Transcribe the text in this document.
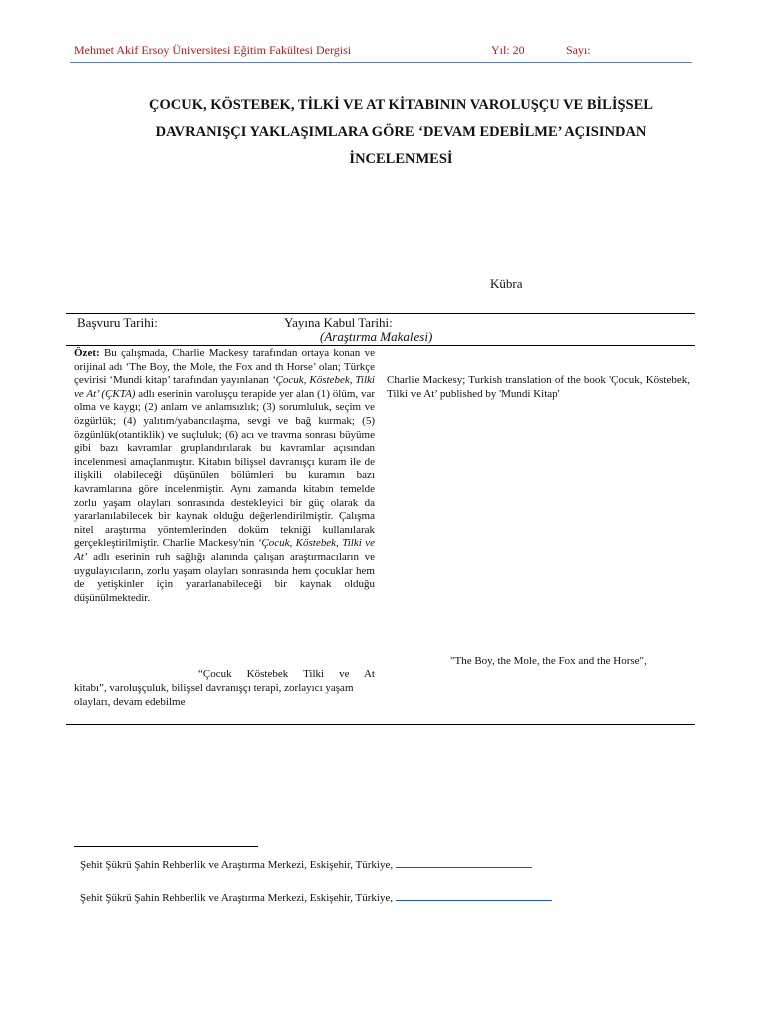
Mehmet Akif Ersoy Üniversitesi Eğitim Fakültesi Dergisi	Yıl: 20	Sayı:
ÇOCUK, KÖSTEBEK, TİLKİ VE AT KİTABININ VAROLUŞÇU VE BİLİŞSEL
DAVRANIŞÇI YAKLAŞIMLARA GÖRE ‘DEVAM EDEBİLME’ AÇISINDAN
İNCELENMESİ
Kübra
Başvuru Tarihi:	Yayına Kabul Tarihi:
(Araştırma Makalesi)

Özet: Bu çalışmada, Charlie Mackesy tarafından ortaya konan ve orijinal adı ‘The Boy, the Mole, the Fox and th Horse’ olan; Türkçe çevirisi ‘Mundi kitap’ tarafından yayınlanan ‘Çocuk, Köstebek, Tilki ve At’ (ÇKTA) adlı eserinin varoluşçu terapide yer alan (1) ölüm, var olma ve kaygı; (2) anlam ve anlamsızlık; (3) sorumluluk, seçim ve özgürlük; (4) yalıtım/yabancılaşma, sevgi ve bağ kurmak; (5) özgünlük(otantiklik) ve suçluluk; (6) acı ve travma sonrası büyüme gibi bazı kavramlar gruplandırılarak bu kavramlar açısından incelenmesi amaçlanmıştır. Kitabın bilişsel davranışçı kuram ile de ilişkili olabileceği düşünülen bölümleri bu kuramın bazı kavramlarına göre incelenmiştir. Aynı zamanda kitabın temelde zorlu yaşam olayları sonrasında destekleyici bir güç olarak da yararlanılabilecek bir kaynak olduğu değerlendirilmiştir. Çalışma nitel araştırma yöntemlerinden doküm tekniği kullanılarak gerçekleştirilmiştir. Charlie Mackesy'nin ‘Çocuk, Köstebek, Tilki ve At’ adlı eserinin ruh sağlığı alanında çalışan araştırmacıların ve uygulayıcıların, zorlu yaşam olayları sonrasında hem çocuklar hem de yetişkinler için yararlanabileceği bir kaynak olduğu düşünülmektedir.

“Çocuk Köstebek Tilki ve At
kitabı”, varoluşçuluk, bilişsel davranışçı terapi, zorlayıcı yaşam olayları, devam edebilme
Charlie Mackesy; Turkish translation of the book 'Çocuk, Köstebek, Tilki ve At’ published by 'Mundi Kitap'
"The Boy, the Mole, the Fox and the Horse",
Şehit Şükrü Şahin Rehberlik ve Araştırma Merkezi, Eskişehir, Türkiye,
Şehit Şükrü Şahin Rehberlik ve Araştırma Merkezi, Eskişehir, Türkiye,
